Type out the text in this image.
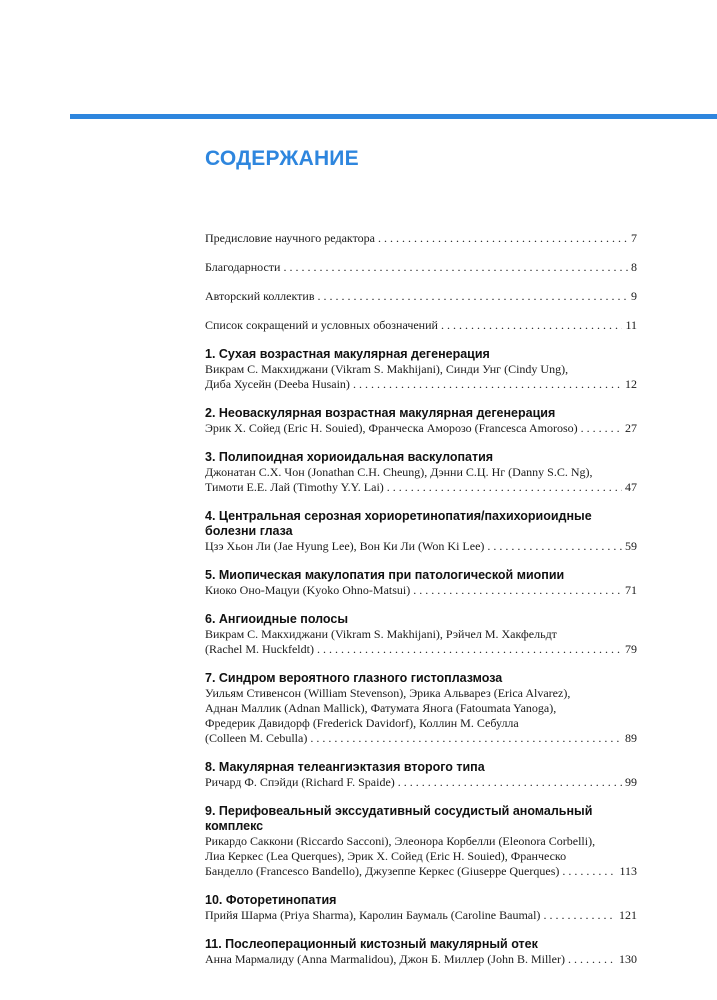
СОДЕРЖАНИЕ
Предисловие научного редактора . . .	7
Благодарности . . .	8
Авторский коллектив . . .	9
Список сокращений и условных обозначений . . .	11
1. Сухая возрастная макулярная дегенерация
Викрам С. Макхиджани (Vikram S. Makhijani), Синди Унг (Cindy Ung),
Диба Хусейн (Deeba Husain) . . .	12
2. Неоваскулярная возрастная макулярная дегенерация
Эрик Х. Сойед (Eric H. Souied), Франческа Аморозо (Francesca Amoroso) . . .	27
3. Полипоидная хориоидальная васкулопатия
Джонатан С.Х. Чон (Jonathan C.H. Cheung), Дэнни С.Ц. Нг (Danny S.C. Ng),
Тимоти Е.Е. Лай (Timothy Y.Y. Lai) . . .	47
4. Центральная серозная хориоретинопатия/пахихориоидные болезни глаза
Цзэ Хьон Ли (Jae Hyung Lee), Вон Ки Ли (Won Ki Lee) . . .	59
5. Миопическая макулопатия при патологической миопии
Киоко Оно-Мацуи (Kyoko Ohno-Matsui) . . .	71
6. Ангиоидные полосы
Викрам С. Макхиджани (Vikram S. Makhijani), Рэйчел М. Хакфельдт
(Rachel M. Huckfeldt) . . .	79
7. Синдром вероятного глазного гистоплазмоза
Уильям Стивенсон (William Stevenson), Эрика Альварез (Erica Alvarez),
Аднан Маллик (Adnan Mallick), Фатумата Янога (Fatoumata Yanoga),
Фредерик Давидорф (Frederick Davidorf), Коллин М. Себулла
(Colleen M. Cebulla) . . .	89
8. Макулярная телеангиэктазия второго типа
Ричард Ф. Спэйди (Richard F. Spaide) . . .	99
9. Перифовеальный экссудативный сосудистый аномальный комплекс
Рикардо Саккони (Riccardo Sacconi), Элеонора Корбелли (Eleonora Corbelli),
Лиа Керкес (Lea Querques), Эрик Х. Сойед (Eric H. Souied), Франческо
Банделло (Francesco Bandello), Джузеппе Керкес (Giuseppe Querques) . . .	113
10. Фоторетинопатия
Прийя Шарма (Priya Sharma), Каролин Баумаль (Caroline Baumal) . . .	121
11. Послеоперационный кистозный макулярный отек
Анна Мармалиду (Anna Marmalidou), Джон Б. Миллер (John B. Miller) . . .	130
